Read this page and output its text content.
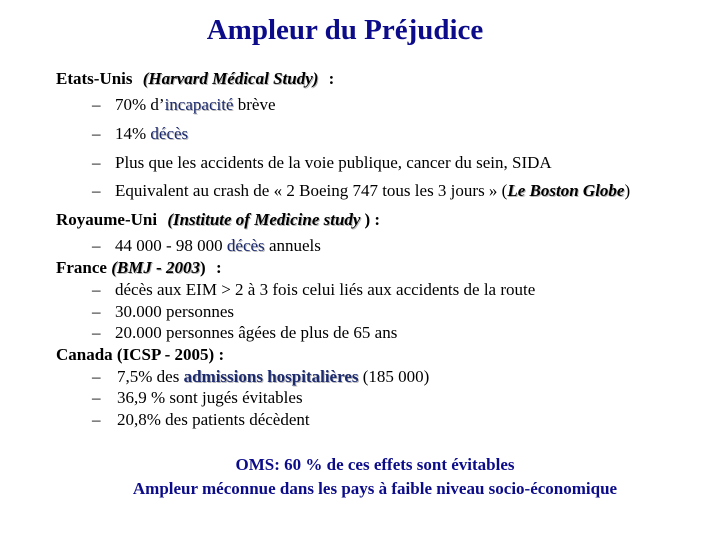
Ampleur du Préjudice
Etats-Unis (Harvard Médical Study) :
– 70% d’incapacité brève
– 14% décès
– Plus que les accidents de la voie publique, cancer du sein, SIDA
– Equivalent au crash de « 2 Boeing 747 tous les 3 jours » (Le Boston Globe)
Royaume-Uni (Institute of Medicine study ) :
– 44 000 - 98 000 décès annuels
France (BMJ - 2003) :
– décès aux EIM > 2 à 3 fois celui liés aux accidents de la route
– 30.000 personnes
– 20.000 personnes âgées de plus de 65 ans
Canada (ICSP - 2005) :
– 7,5% des admissions hospitalières (185 000)
– 36,9 % sont jugés évitables
– 20,8% des patients décèdent
OMS: 60 % de ces effets sont évitables
Ampleur méconnue dans les pays à faible niveau socio-économique
